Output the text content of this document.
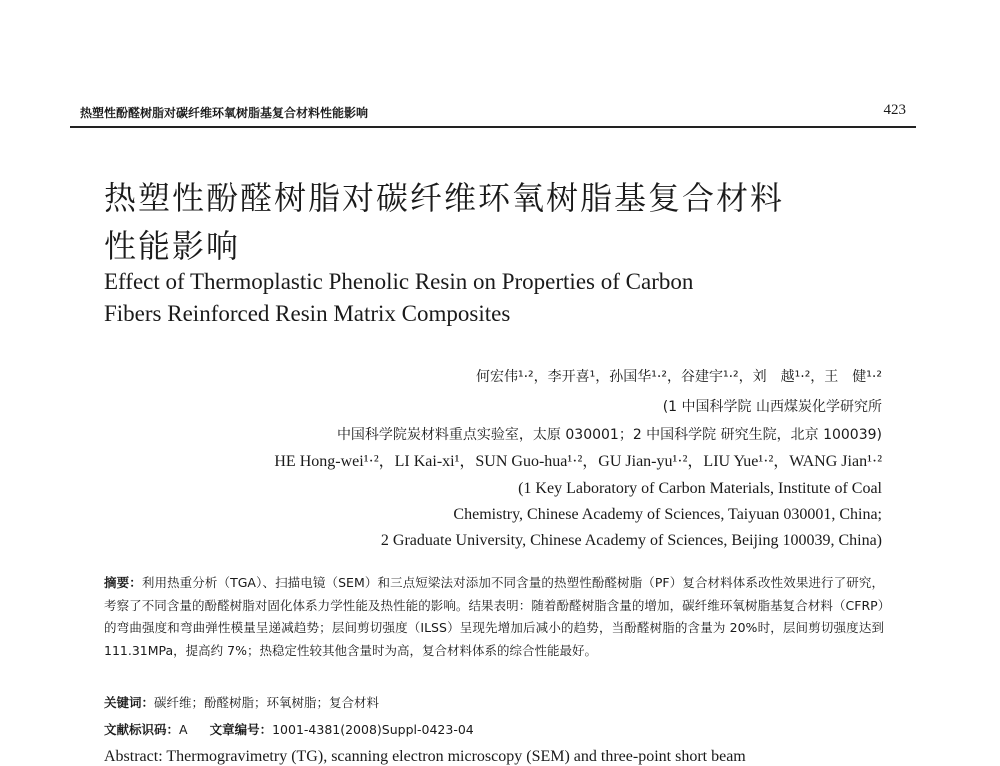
热塑性酚醛树脂对碳纤维环氧树脂基复合材料性能影响	423
热塑性酚醛树脂对碳纤维环氧树脂基复合材料
性能影响
Effect of Thermoplastic Phenolic Resin on Properties of Carbon
Fibers Reinforced Resin Matrix Composites
何宏伟¹·²，李开喜¹，孙国华¹·²，谷建宇¹·²，刘　越¹·²，王　健¹·²
(1 中国科学院 山西煤炭化学研究所
中国科学院炭材料重点实验室，太原 030001；2 中国科学院 研究生院，北京 100039)
HE Hong-wei¹·²，LI Kai-xi¹，SUN Guo-hua¹·²，GU Jian-yu¹·²，LIU Yue¹·²，WANG Jian¹·²
(1 Key Laboratory of Carbon Materials, Institute of Coal
Chemistry, Chinese Academy of Sciences, Taiyuan 030001, China;
2 Graduate University, Chinese Academy of Sciences, Beijing 100039, China)
摘要：利用热重分析（TGA）、扫描电镜（SEM）和三点短梁法对添加不同含量的热塑性酚醛树脂（PF）复合材料体系改性效果进行了研究，考察了不同含量的酚醛树脂对固化体系力学性能及热性能的影响。结果表明：随着酚醛树脂含量的增加，碳纤维环氧树脂基复合材料（CFRP）的弯曲强度和弯曲弹性模量呈递减趋势；层间剪切强度（ILSS）呈现先增加后减小的趋势，当酚醛树脂的含量为 20%时，层间剪切强度达到 111.31MPa，提高约 7%；热稳定性较其他含量时为高，复合材料体系的综合性能最好。
关键词：碳纤维；酚醛树脂；环氧树脂；复合材料
文献标识码：A 文章编号：1001-4381(2008)Suppl-0423-04
Abstract: Thermogravimetry (TG), scanning electron microscopy (SEM) and three-point short beam
